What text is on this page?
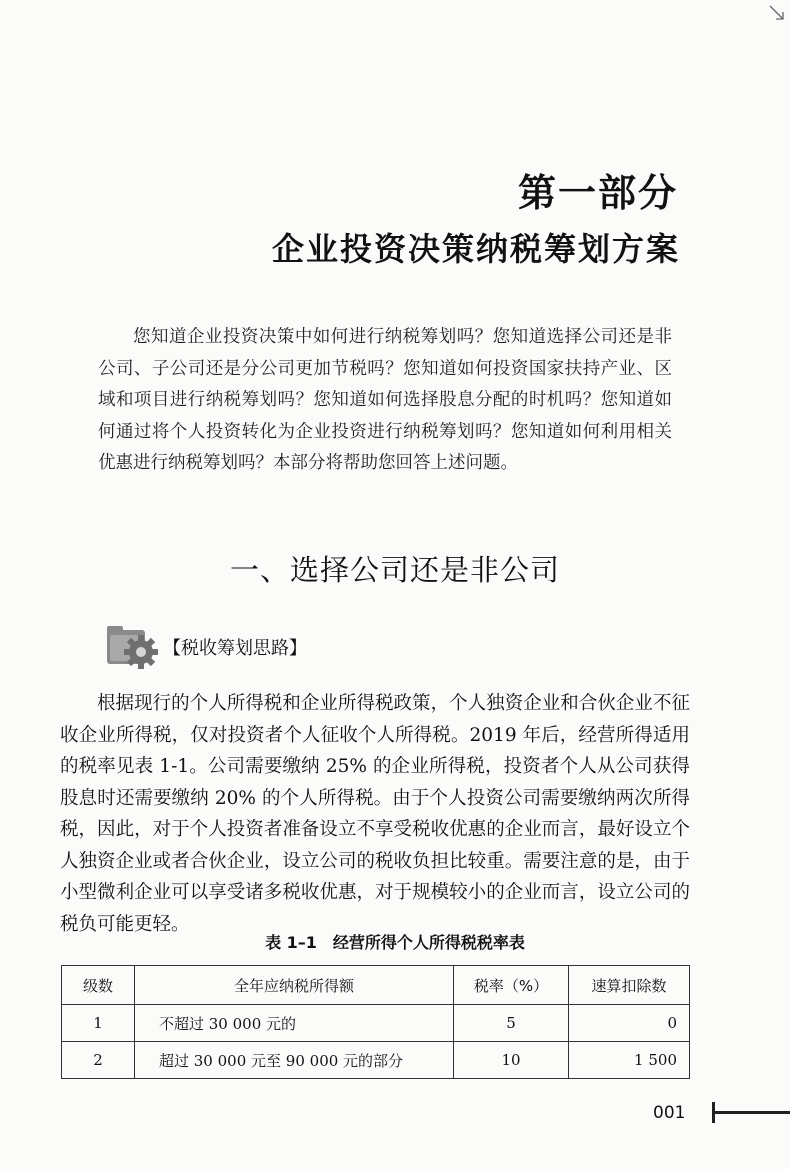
第一部分
企业投资决策纳税筹划方案

您知道企业投资决策中如何进行纳税筹划吗？您知道选择公司还是非公司、子公司还是分公司更加节税吗？您知道如何投资国家扶持产业、区域和项目进行纳税筹划吗？您知道如何选择股息分配的时机吗？您知道如何通过将个人投资转化为企业投资进行纳税筹划吗？您知道如何利用相关优惠进行纳税筹划吗？本部分将帮助您回答上述问题。

一、选择公司还是非公司
【税收筹划思路】

根据现行的个人所得税和企业所得税政策，个人独资企业和合伙企业不征收企业所得税，仅对投资者个人征收个人所得税。2019 年后，经营所得适用的税率见表 1-1。公司需要缴纳 25% 的企业所得税，投资者个人从公司获得股息时还需要缴纳 20% 的个人所得税。由于个人投资公司需要缴纳两次所得税，因此，对于个人投资者准备设立不享受税收优惠的企业而言，最好设立个人独资企业或者合伙企业，设立公司的税收负担比较重。需要注意的是，由于小型微利企业可以享受诸多税收优惠，对于规模较小的企业而言，设立公司的税负可能更轻。

表 1–1 经营所得个人所得税税率表
级数	全年应纳税所得额	税率（%）	速算扣除数
1	不超过 30 000 元的	5	0
2	超过 30 000 元至 90 000 元的部分	10	1 500
001
